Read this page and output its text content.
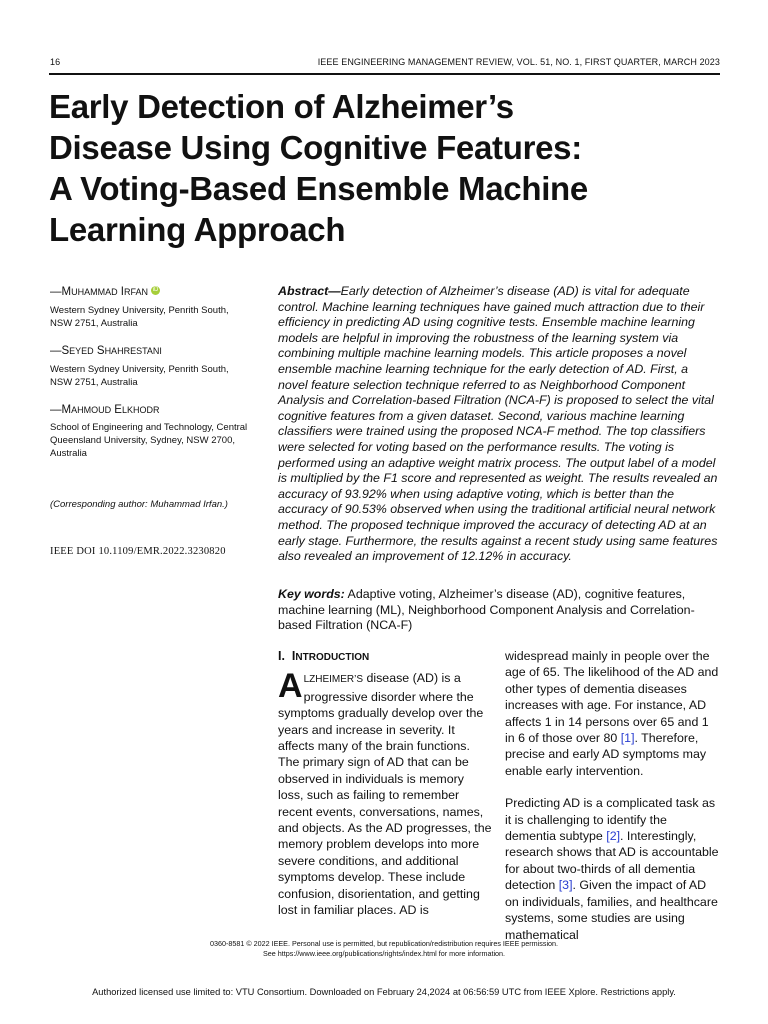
16	IEEE ENGINEERING MANAGEMENT REVIEW, VOL. 51, NO. 1, FIRST QUARTER, MARCH 2023
Early Detection of Alzheimer’s
Disease Using Cognitive Features:
A Voting-Based Ensemble Machine
Learning Approach
—MUHAMMAD IRFAN iD
Western Sydney University, Penrith South,
NSW 2751, Australia
—SEYED SHAHRESTANI
Western Sydney University, Penrith South,
NSW 2751, Australia
—MAHMOUD ELKHODR
School of Engineering and Technology, Central
Queensland University, Sydney, NSW 2700,
Australia
(Corresponding author: Muhammad Irfan.)
IEEE DOI 10.1109/EMR.2022.3230820
Abstract—Early detection of Alzheimer’s disease (AD) is vital for adequate control. Machine learning techniques have gained much attraction due to their efficiency in predicting AD using cognitive tests. Ensemble machine learning models are helpful in improving the robustness of the learning system via combining multiple machine learning models. This article proposes a novel ensemble machine learning technique for the early detection of AD. First, a novel feature selection technique referred to as Neighborhood Component Analysis and Correlation-based Filtration (NCA-F) is proposed to select the vital cognitive features from a given dataset. Second, various machine learning classifiers were trained using the proposed NCA-F method. The top classifiers were selected for voting based on the performance results. The voting is performed using an adaptive weight matrix process. The output label of a model is multiplied by the F1 score and represented as weight. The results revealed an accuracy of 93.92% when using adaptive voting, which is better than the accuracy of 90.53% observed when using the traditional artificial neural network method. The proposed technique improved the accuracy of detecting AD at an early stage. Furthermore, the results against a recent study using same features also revealed an improvement of 12.12% in accuracy.
Key words: Adaptive voting, Alzheimer’s disease (AD), cognitive features, machine learning (ML), Neighborhood Component Analysis and Correlation-based Filtration (NCA-F)
I. INTRODUCTION
ALZHEIMER’S disease (AD) is a progressive disorder where the symptoms gradually develop over the years and increase in severity. It affects many of the brain functions. The primary sign of AD that can be observed in individuals is memory loss, such as failing to remember recent events, conversations, names, and objects. As the AD progresses, the memory problem develops into more severe conditions, and additional symptoms develop. These include confusion, disorientation, and getting lost in familiar places. AD is
widespread mainly in people over the age of 65. The likelihood of the AD and other types of dementia diseases increases with age. For instance, AD affects 1 in 14 persons over 65 and 1 in 6 of those over 80 [1]. Therefore, precise and early AD symptoms may enable early intervention.
Predicting AD is a complicated task as it is challenging to identify the dementia subtype [2]. Interestingly, research shows that AD is accountable for about two-thirds of all dementia detection [3]. Given the impact of AD on individuals, families, and healthcare systems, some studies are using mathematical
0360-8581 © 2022 IEEE. Personal use is permitted, but republication/redistribution requires IEEE permission.
See https://www.ieee.org/publications/rights/index.html for more information.
Authorized licensed use limited to: VTU Consortium. Downloaded on February 24,2024 at 06:56:59 UTC from IEEE Xplore. Restrictions apply.
